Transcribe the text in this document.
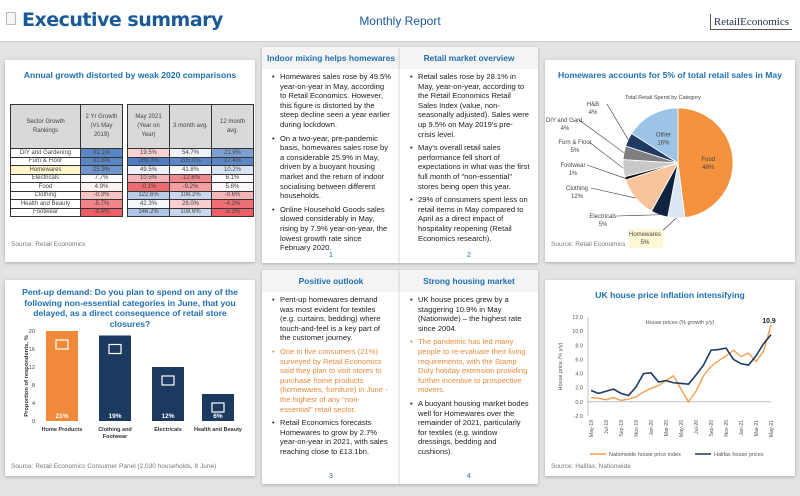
Executive summary	Monthly Report	RetailEconomics
Annual growth distorted by weak 2020 comparisons
Sector Growth Rankings	2 Yr Growth (Vs May 2019)		May 2021 (Year on Year)	3 month avg.	12 month avg.
DIY and Gardening	31.1%		19.5%	54.7%	21.9%
Furn & Floor	31.6%		269.3%	205.0%	27.4%
Homewares	25.9%		49.5%	41.8%	10.2%
Electricals	7.7%		10.5%	-12.6%	6.1%
Food	4.9%		-0.1%	-9.2%	5.8%
Clothing	-0.3%		122.6%	108.2%	-0.6%
Health and Beauty	-5.7%		42.3%	28.0%	-4.2%
Footwear	-9.4%		146.2%	108.6%	-5.3%
Source: Retail Economics
Indoor mixing helps homewares
• Homewares sales rose by 49.5% year-on-year in May, according to Retail Economics. However, this figure is distorted by the steep decline seen a year earlier during lockdown.
• On a two-year, pre-pandemic basis, homewares sales rose by a considerable 25.9% in May, driven by a buoyant housing market and the return of indoor socialising between different households.
• Online Household Goods sales slowed considerably in May, rising by 7.9% year-on-year, the lowest growth rate since February 2020.
1
Retail market overview
• Retail sales rose by 28.1% in May, year-on-year, according to the Retail Economics Retail Sales Index (value, non-seasonally adjusted). Sales were up 9.5% on May 2019's pre-crisis level.
• May's overall retail sales performance fell short of expectations in what was the first full month of "non-essential" stores being open this year.
• 29% of consumers spent less on retail items in May compared to April as a direct impact of hospitality reopening (Retail Economics research).
2
Positive outlook
• Pent-up homewares demand was most evident for textiles (e.g. curtains, bedding) where touch-and-feel is a key part of the customer journey.
• One in five consumers (21%) surveyed by Retail Economics said they plan to visit stores to purchase home products (homewares, furniture) in June - the highest of any "non-essential" retail sector.
• Retail Economics forecasts Homewares to grow by 2.7% year-on-year in 2021, with sales reaching close to £13.1bn.
3
Strong housing market
• UK house prices grew by a staggering 10.9% in May (Nationwide) – the highest rate since 2004.
• The pandemic has led many people to re-evaluate their living requirements, with the Stamp Duty holiday extension providing further incentive to prospective movers.
• A buoyant housing market bodes well for Homewares over the remainder of 2021, particularly for textiles (e.g. window dressings, bedding and cushions).
4
Homewares accounts for 5% of total retail sales in May
Total Retail Spend by Category
Food
48%
Homewares
5%
Electricals
5%
Clothing
12%
Footwear
1%
Furn & Floor
5%
DIY and Gard.
4%
H&B
4%
Other
16%
Source: Retail Economics
Pent-up demand: Do you plan to spend on any of the following non-essential categories in June, that you delayed, as a direct consequence of retail store closures?
0
4
8
12
16
20
Proportion of respondents, %	21%
Home Products
19%
Clothing and
Footwear
12%
Electricals
6%
Health and Beauty
Source: Retail Economics Consumer Panel (2,030 households, 8 June)
UK house price inflation intensifying
House prices (% growth y/y)
-2.0
0.0
2.0
4.0
6.0
8.0
10.0
12.0
House price (% y/y)
May-19 Jul-19 Sep-19 Nov-19 Jan-20 Mar-20 May-20 Jul-20 Sep-20 Nov-20 Jan-21 Mar-21 May-21
Nationwide house price index	Halifax house prices
10.9
Source: Halifax, Nationwide
